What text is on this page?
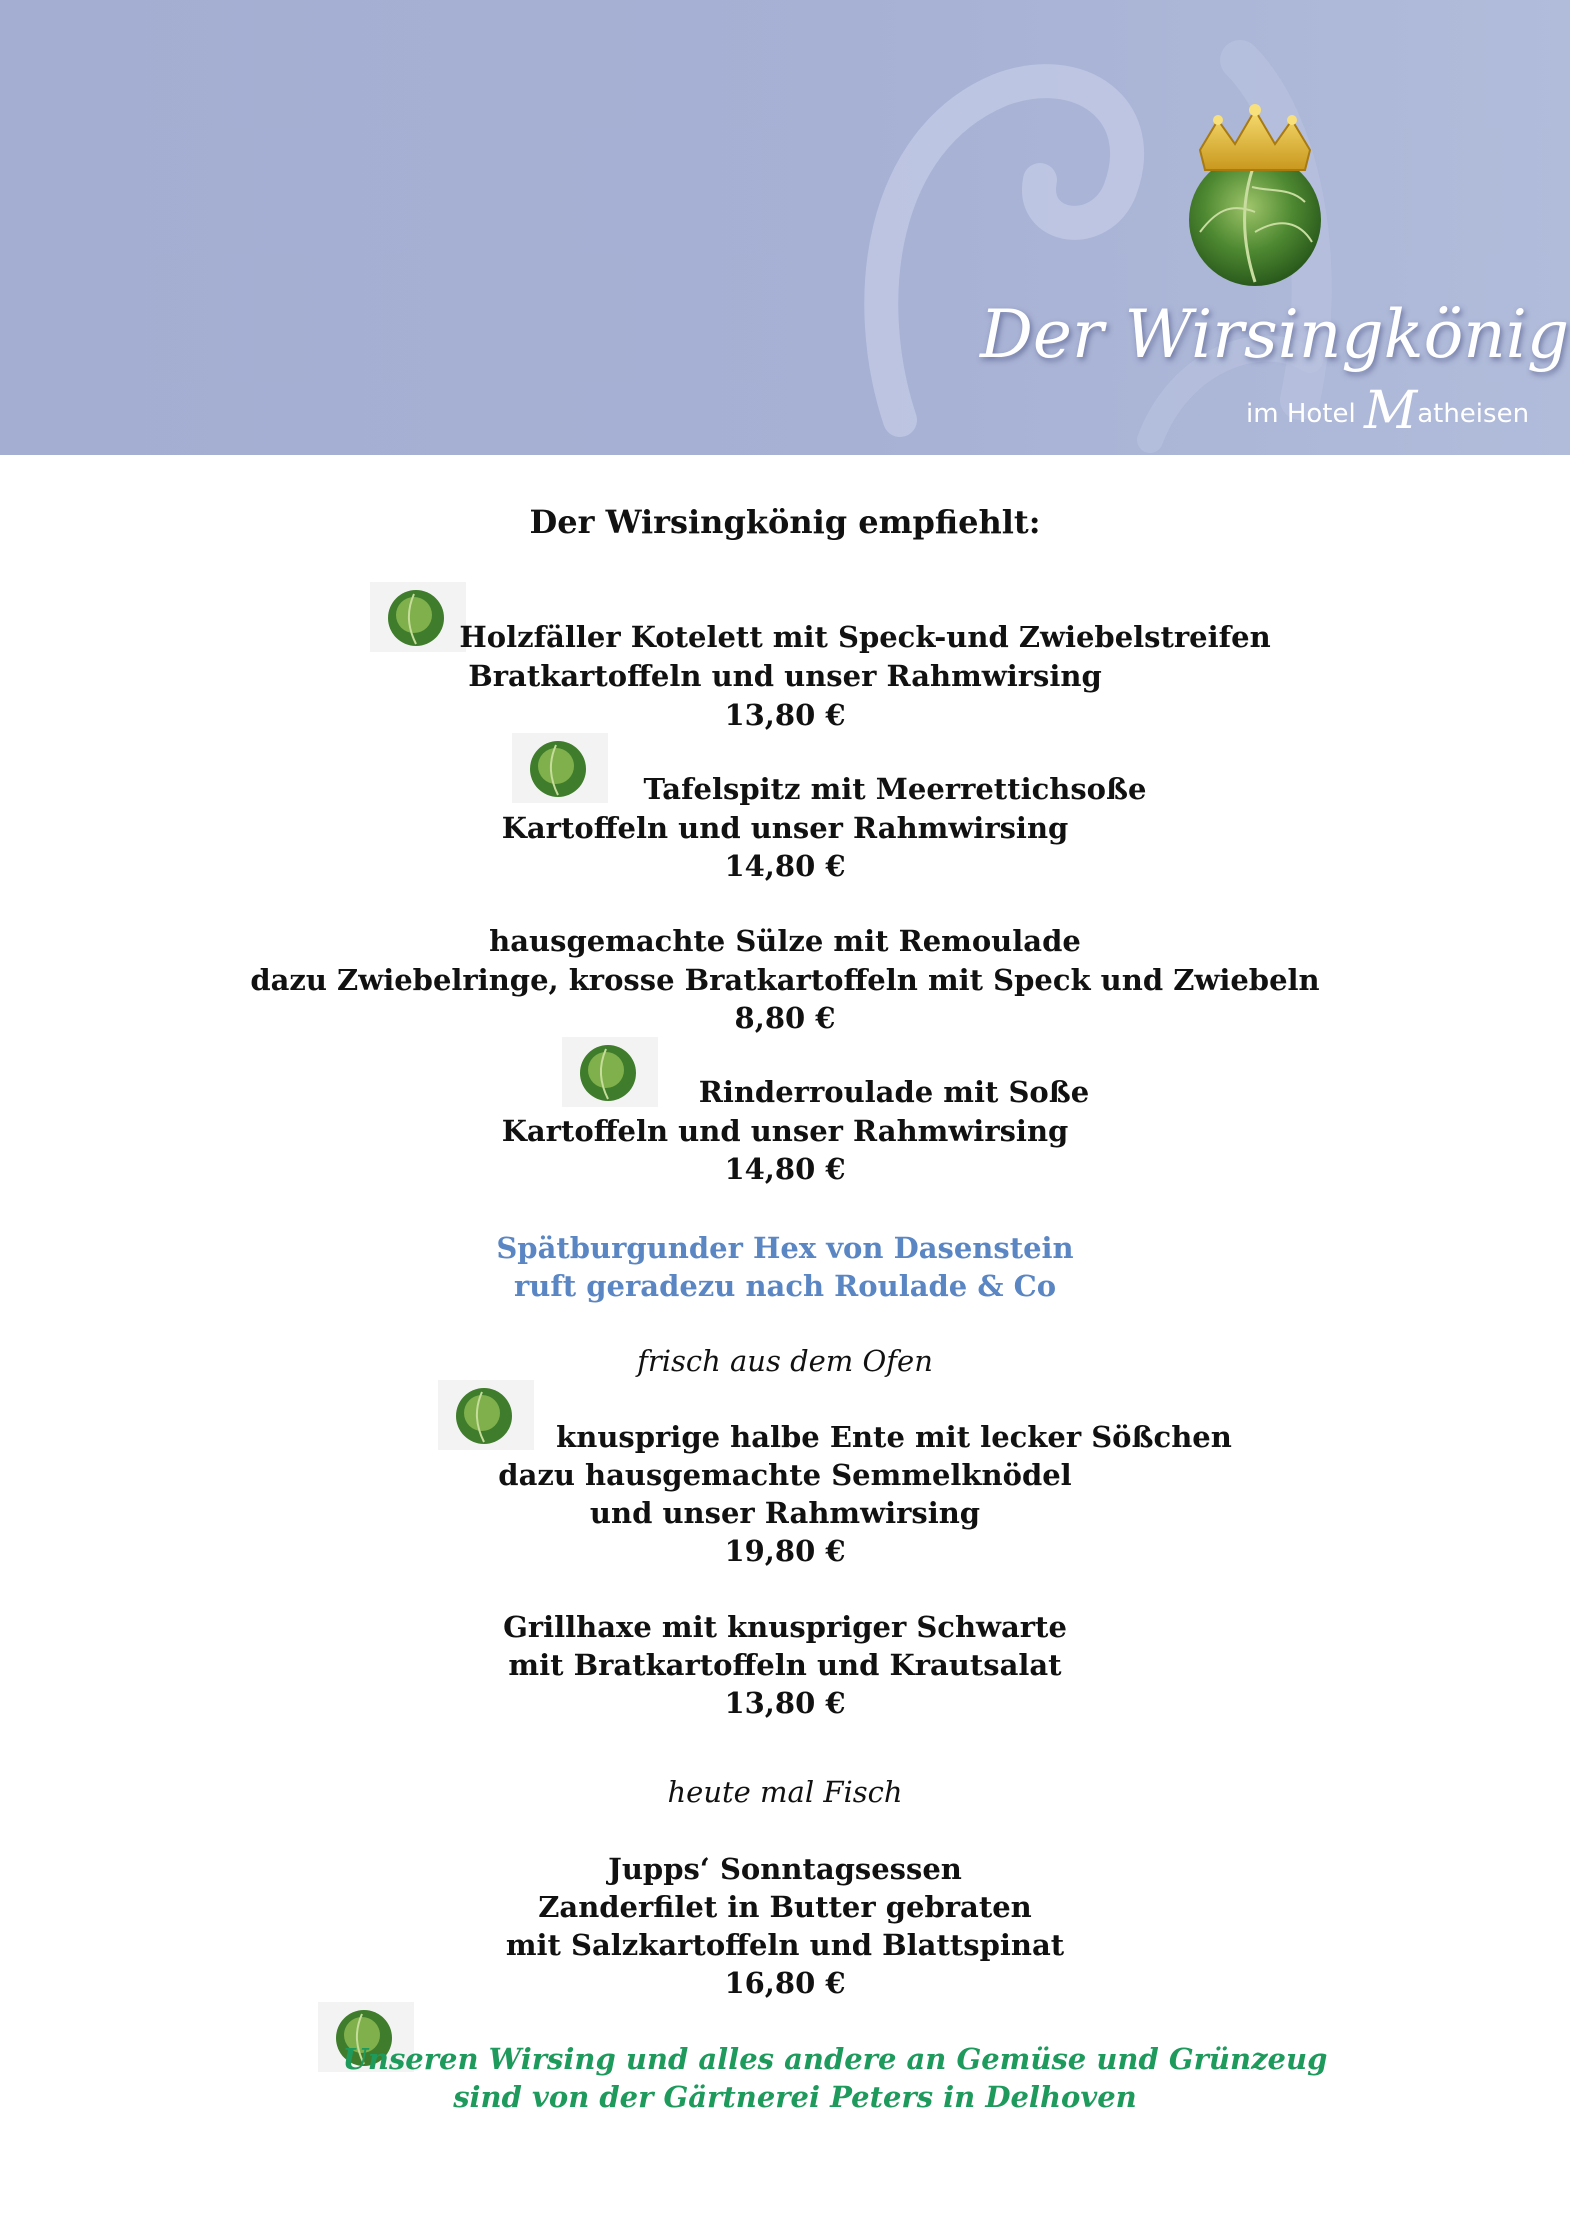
Der Wirsingkönig
im Hotel Matheisen
Der Wirsingkönig empfiehlt:
Holzfäller Kotelett mit Speck-und Zwiebelstreifen
Bratkartoffeln und unser Rahmwirsing
13,80 €
Tafelspitz mit Meerrettichsoße
Kartoffeln und unser Rahmwirsing
14,80 €
hausgemachte Sülze mit Remoulade
dazu Zwiebelringe, krosse Bratkartoffeln mit Speck und Zwiebeln
8,80 €
Rinderroulade mit Soße
Kartoffeln und unser Rahmwirsing
14,80 €
Spätburgunder Hex von Dasenstein
ruft geradezu nach Roulade & Co
frisch aus dem Ofen
knusprige halbe Ente mit lecker Sößchen
dazu hausgemachte Semmelknödel
und unser Rahmwirsing
19,80 €
Grillhaxe mit knuspriger Schwarte
mit Bratkartoffeln und Krautsalat
13,80 €
heute mal Fisch
Jupps‘ Sonntagsessen
Zanderfilet in Butter gebraten
mit Salzkartoffeln und Blattspinat
16,80 €
Unseren Wirsing und alles andere an Gemüse und Grünzeug
sind von der Gärtnerei Peters in Delhoven
